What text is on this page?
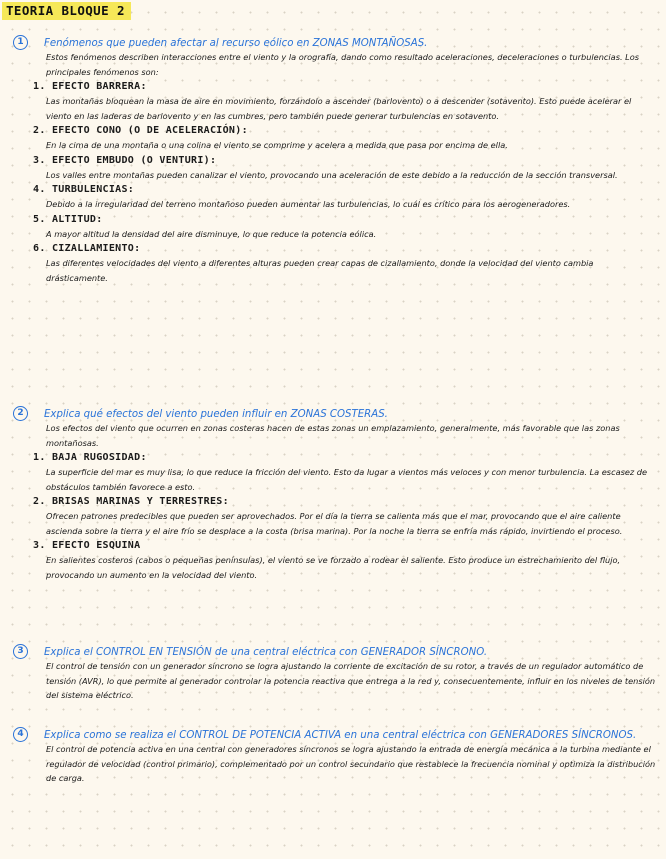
TEORIA BLOQUE 2
1	Fenómenos que pueden afectar al recurso eólico en ZONAS MONTAÑOSAS.
Estos fenómenos describen interacciones entre el viento y la orografía, dando como resultado aceleraciones, deceleraciones o turbulencias. Los principales fenómenos son:
1. EFECTO BARRERA:
Las montañas bloquean la masa de aire en movimiento, forzándolo a ascender (barlovento) o a descender (sotavento). Esto puede acelerar el viento en las laderas de barlovento y en las cumbres, pero también puede generar turbulencias en sotavento.
2. EFECTO CONO (O DE ACELERACIÓN):
En la cima de una montaña o una colina el viento se comprime y acelera a medida que pasa por encima de ella.
3. EFECTO EMBUDO (O VENTURI):
Los valles entre montañas pueden canalizar el viento, provocando una aceleración de este debido a la reducción de la sección transversal.
4. TURBULENCIAS:
Debido a la irregularidad del terreno montañoso pueden aumentar las turbulencias, lo cuál es crítico para los aerogeneradores.
5. ALTITUD:
A mayor altitud la densidad del aire disminuye, lo que reduce la potencia eólica.
6. CIZALLAMIENTO:
Las diferentes velocidades del viento a diferentes alturas pueden crear capas de cizallamiento, donde la velocidad del viento cambia drásticamente.
2	Explica qué efectos del viento pueden influir en ZONAS COSTERAS.
Los efectos del viento que ocurren en zonas costeras hacen de estas zonas un emplazamiento, generalmente, más favorable que las zonas montañosas.
1. BAJA RUGOSIDAD:
La superficie del mar es muy lisa, lo que reduce la fricción del viento. Esto da lugar a vientos más veloces y con menor turbulencia. La escasez de obstáculos también favorece a esto.
2. BRISAS MARINAS Y TERRESTRES:
Ofrecen patrones predecibles que pueden ser aprovechados. Por el día la tierra se calienta más que el mar, provocando que el aire caliente ascienda sobre la tierra y el aire frío se desplace a la costa (brisa marina). Por la noche la tierra se enfría más rápido, invirtiendo el proceso.
3. EFECTO ESQUINA
En salientes costeros (cabos o pequeñas penínsulas), el viento se ve forzado a rodear el saliente. Esto produce un estrechamiento del flujo, provocando un aumento en la velocidad del viento.
3	Explica el CONTROL EN TENSIÓN de una central eléctrica con GENERADOR SÍNCRONO.
El control de tensión con un generador síncrono se logra ajustando la corriente de excitación de su rotor, a través de un regulador automático de tensión (AVR), lo que permite al generador controlar la potencia reactiva que entrega a la red y, consecuentemente, influir en los niveles de tensión del sistema eléctrico.
4	Explica como se realiza el CONTROL DE POTENCIA ACTIVA en una central eléctrica con GENERADORES SÍNCRONOS.
El control de potencia activa en una central con generadores síncronos se logra ajustando la entrada de energía mecánica a la turbina mediante el regulador de velocidad (control primario), complementado por un control secundario que restablece la frecuencia nominal y optimiza la distribución de carga.
